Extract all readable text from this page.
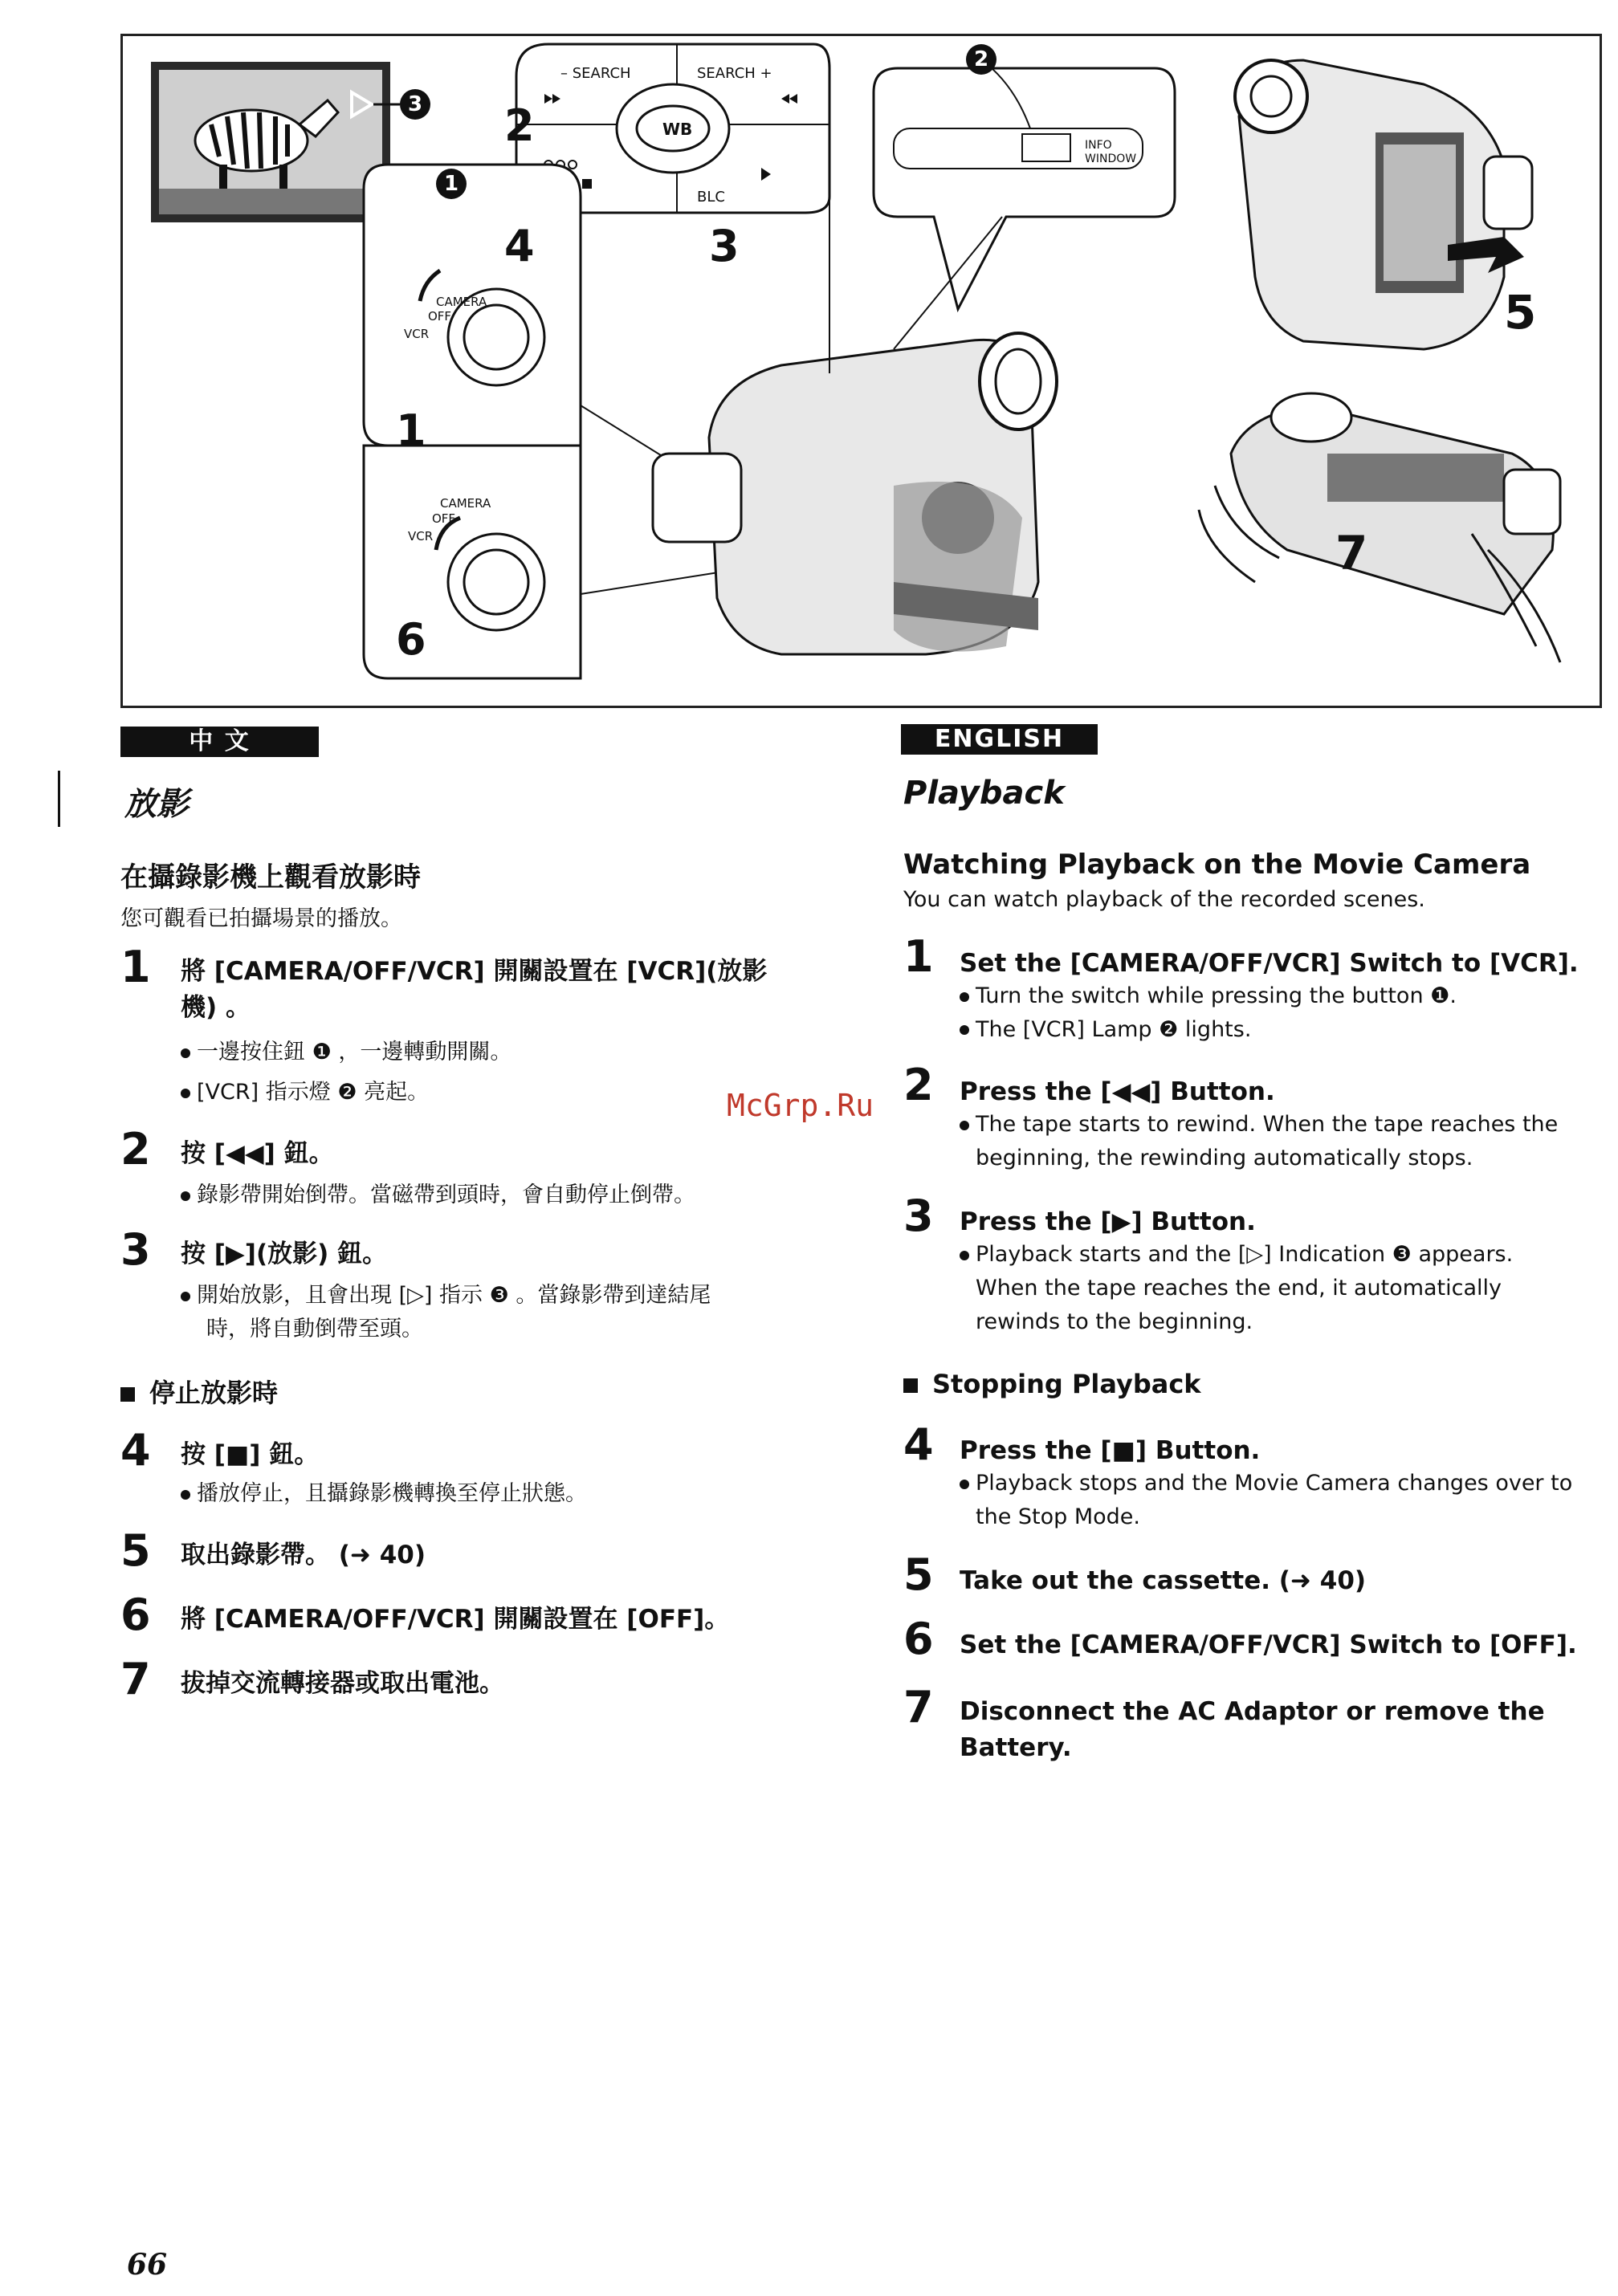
2
4	3
1
6
5
7
1
2
3
– SEARCH	SEARCH +
WB
BLC
INFO WINDOW
CAMERA
OFF
VCR
CAMERA
OFF
VCR
中 文
放影
在攝錄影機上觀看放影時
您可觀看已拍攝場景的播放。
1 將 [CAMERA/OFF/VCR] 開關設置在 [VCR](放影
機) 。
一邊按住鈕 ❶ ，一邊轉動開關。
[VCR] 指示燈 ❷ 亮起。
2 按 [◀◀] 鈕。
錄影帶開始倒帶。當磁帶到頭時，會自動停止倒帶。
3 按 [▶](放影) 鈕。
開始放影，且會出現 [▷] 指示 ❸ 。當錄影帶到達結尾
時，將自動倒帶至頭。
停止放影時
4 按 [■] 鈕。
播放停止，且攝錄影機轉換至停止狀態。
5 取出錄影帶。 (➜ 40)
6 將 [CAMERA/OFF/VCR] 開關設置在 [OFF]。
7 拔掉交流轉接器或取出電池。
McGrp.Ru
ENGLISH
Playback
Watching Playback on the Movie Camera
You can watch playback of the recorded scenes.
1 Set the [CAMERA/OFF/VCR] Switch to [VCR].
Turn the switch while pressing the button ❶.
The [VCR] Lamp ❷ lights.
2 Press the [◀◀] Button.
The tape starts to rewind. When the tape reaches the
beginning, the rewinding automatically stops.
3 Press the [▶] Button.
Playback starts and the [▷] Indication ❸ appears.
When the tape reaches the end, it automatically
rewinds to the beginning.
Stopping Playback
4 Press the [■] Button.
Playback stops and the Movie Camera changes over to
the Stop Mode.
5 Take out the cassette. (➜ 40)
6 Set the [CAMERA/OFF/VCR] Switch to [OFF].
7 Disconnect the AC Adaptor or remove the
Battery.
66
